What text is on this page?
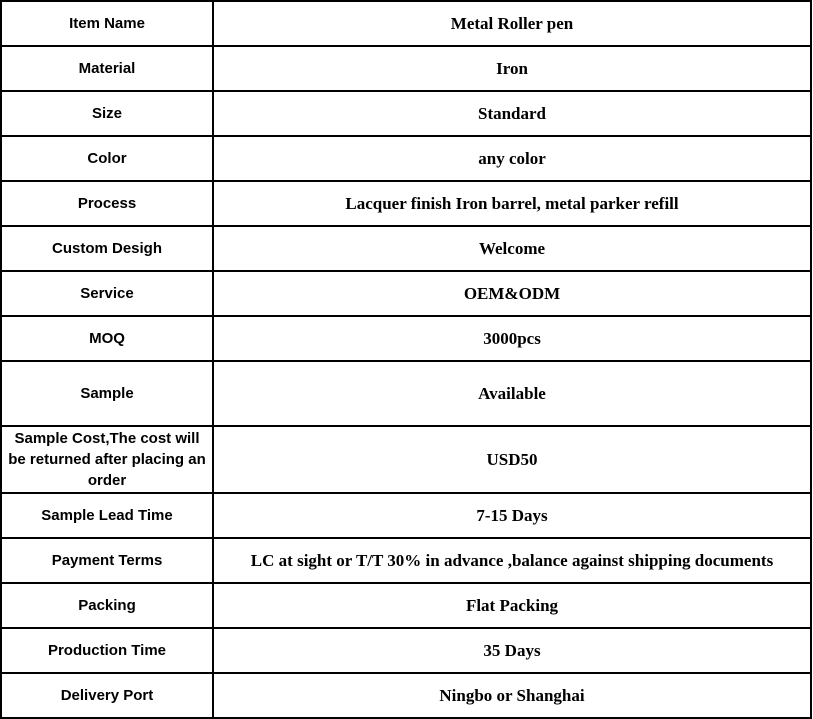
Item Name	Metal Roller pen
Material	Iron
Size	Standard
Color	any color
Process	Lacquer finish Iron barrel, metal parker refill
Custom Desigh	Welcome
Service	OEM&ODM
MOQ	3000pcs
Sample	Available
Sample Cost,The cost will be returned after placing an order	USD50
Sample Lead Time	7-15 Days
Payment Terms	LC at sight or T/T 30% in advance ,balance against shipping documents
Packing	Flat Packing
Production Time	35 Days
Delivery Port	Ningbo or Shanghai
